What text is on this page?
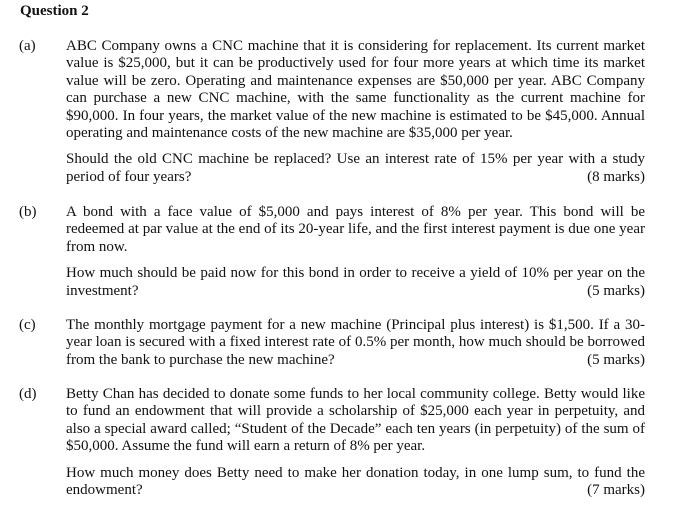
Question 2
(a) ABC Company owns a CNC machine that it is considering for replacement. Its current market value is $25,000, but it can be productively used for four more years at which time its market value will be zero. Operating and maintenance expenses are $50,000 per year. ABC Company can purchase a new CNC machine, with the same functionality as the current machine for $90,000. In four years, the market value of the new machine is estimated to be $45,000. Annual operating and maintenance costs of the new machine are $35,000 per year.

Should the old CNC machine be replaced? Use an interest rate of 15% per year with a study period of four years?	(8 marks)

(b) A bond with a face value of $5,000 and pays interest of 8% per year. This bond will be redeemed at par value at the end of its 20-year life, and the first interest payment is due one year from now.

How much should be paid now for this bond in order to receive a yield of 10% per year on the investment?	(5 marks)

(c) The monthly mortgage payment for a new machine (Principal plus interest) is $1,500. If a 30-year loan is secured with a fixed interest rate of 0.5% per month, how much should be borrowed from the bank to purchase the new machine?	(5 marks)

(d) Betty Chan has decided to donate some funds to her local community college. Betty would like to fund an endowment that will provide a scholarship of $25,000 each year in perpetuity, and also a special award called; “Student of the Decade” each ten years (in perpetuity) of the sum of $50,000. Assume the fund will earn a return of 8% per year.

How much money does Betty need to make her donation today, in one lump sum, to fund the endowment?	(7 marks)
